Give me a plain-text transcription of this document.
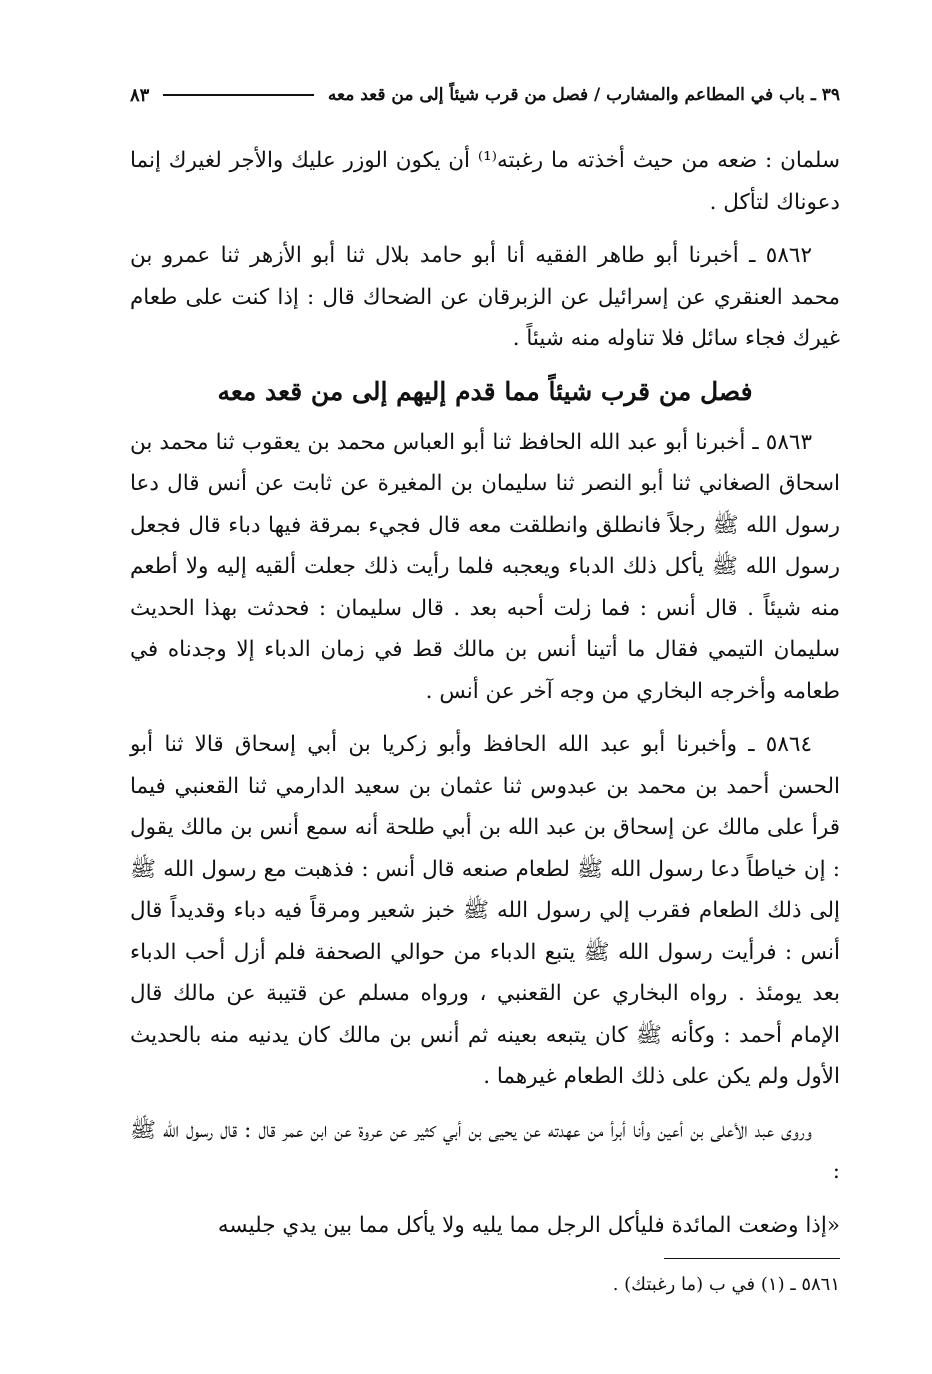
٣٩ ـ باب في المطاعم والمشارب / فصل من قرب شيئاً إلى من قعد معه
٨٣

سلمان : ضعه من حيث أخذته ما رغبته⁽¹⁾ أن يكون الوزر عليك والأجر لغيرك إنما دعوناك لتأكل .

٥٨٦٢ ـ أخبرنا أبو طاهر الفقيه أنا أبو حامد بلال ثنا أبو الأزهر ثنا عمرو بن محمد العنقري عن إسرائيل عن الزبرقان عن الضحاك قال : إذا كنت على طعام غيرك فجاء سائل فلا تناوله منه شيئاً .

فصل من قرب شيئاً مما قدم إليهم إلى من قعد معه

٥٨٦٣ ـ أخبرنا أبو عبد الله الحافظ ثنا أبو العباس محمد بن يعقوب ثنا محمد بن اسحاق الصغاني ثنا أبو النصر ثنا سليمان بن المغيرة عن ثابت عن أنس قال دعا رسول الله ﷺ رجلاً فانطلق وانطلقت معه قال فجيء بمرقة فيها دباء قال فجعل رسول الله ﷺ يأكل ذلك الدباء ويعجبه فلما رأيت ذلك جعلت ألقيه إليه ولا أطعم منه شيئاً . قال أنس : فما زلت أحبه بعد . قال سليمان : فحدثت بهذا الحديث سليمان التيمي فقال ما أتينا أنس بن مالك قط في زمان الدباء إلا وجدناه في طعامه وأخرجه البخاري من وجه آخر عن أنس .

٥٨٦٤ ـ وأخبرنا أبو عبد الله الحافظ وأبو زكريا بن أبي إسحاق قالا ثنا أبو الحسن أحمد بن محمد بن عبدوس ثنا عثمان بن سعيد الدارمي ثنا القعنبي فيما قرأ على مالك عن إسحاق بن عبد الله بن أبي طلحة أنه سمع أنس بن مالك يقول : إن خياطاً دعا رسول الله ﷺ لطعام صنعه قال أنس : فذهبت مع رسول الله ﷺ إلى ذلك الطعام فقرب إلي رسول الله ﷺ خبز شعير ومرقاً فيه دباء وقديداً قال أنس : فرأيت رسول الله ﷺ يتبع الدباء من حوالي الصحفة فلم أزل أحب الدباء بعد يومئذ . رواه البخاري عن القعنبي ، ورواه مسلم عن قتيبة عن مالك قال الإمام أحمد : وكأنه ﷺ كان يتبعه بعينه ثم أنس بن مالك كان يدنيه منه بالحديث الأول ولم يكن على ذلك الطعام غيرهما .

وروى عبد الأعلى بن أعين وأنا أبرأ من عهدته عن يحيى بن أبي كثير عن عروة عن ابن عمر قال : قال رسول الله ﷺ :

«إذا وضعت المائدة فليأكل الرجل مما يليه ولا يأكل مما بين يدي جليسه

٥٨٦١ ـ (١) في ب (ما رغبتك) .
